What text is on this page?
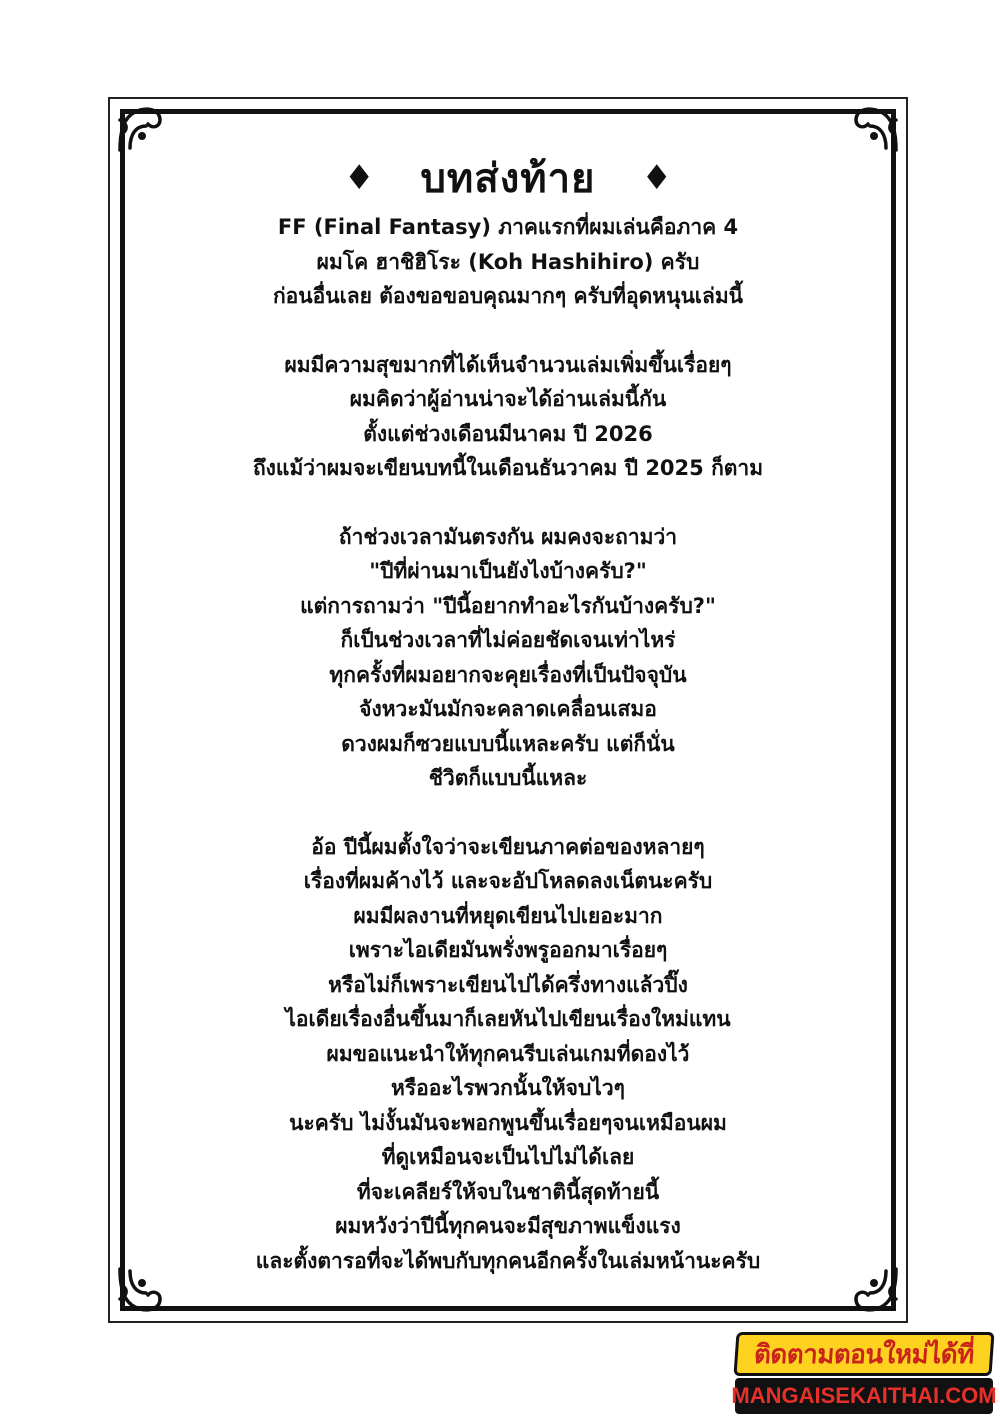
♦ บทส่งท้าย ♦
FF (Final Fantasy) ภาคแรกที่ผมเล่นคือภาค 4
ผมโค ฮาชิฮิโระ (Koh Hashihiro) ครับ
ก่อนอื่นเลย ต้องขอขอบคุณมากๆ ครับที่อุดหนุนเล่มนี้
ผมมีความสุขมากที่ได้เห็นจำนวนเล่มเพิ่มขึ้นเรื่อยๆ
ผมคิดว่าผู้อ่านน่าจะได้อ่านเล่มนี้กัน
ตั้งแต่ช่วงเดือนมีนาคม ปี 2026
ถึงแม้ว่าผมจะเขียนบทนี้ในเดือนธันวาคม ปี 2025 ก็ตาม
ถ้าช่วงเวลามันตรงกัน ผมคงจะถามว่า
"ปีที่ผ่านมาเป็นยังไงบ้างครับ?"
แต่การถามว่า "ปีนี้อยากทำอะไรกันบ้างครับ?"
ก็เป็นช่วงเวลาที่ไม่ค่อยชัดเจนเท่าไหร่
ทุกครั้งที่ผมอยากจะคุยเรื่องที่เป็นปัจจุบัน
จังหวะมันมักจะคลาดเคลื่อนเสมอ
ดวงผมก็ซวยแบบนี้แหละครับ แต่ก็นั่น
ชีวิตก็แบบนี้แหละ
อ้อ ปีนี้ผมตั้งใจว่าจะเขียนภาคต่อของหลายๆ
เรื่องที่ผมค้างไว้ และจะอัปโหลดลงเน็ตนะครับ
ผมมีผลงานที่หยุดเขียนไปเยอะมาก
เพราะไอเดียมันพรั่งพรูออกมาเรื่อยๆ
หรือไม่ก็เพราะเขียนไปได้ครึ่งทางแล้วปิ๊ง
ไอเดียเรื่องอื่นขึ้นมาก็เลยหันไปเขียนเรื่องใหม่แทน
ผมขอแนะนำให้ทุกคนรีบเล่นเกมที่ดองไว้
หรืออะไรพวกนั้นให้จบไวๆ
นะครับ ไม่งั้นมันจะพอกพูนขึ้นเรื่อยๆจนเหมือนผม
ที่ดูเหมือนจะเป็นไปไม่ได้เลย
ที่จะเคลียร์ให้จบในชาตินี้สุดท้ายนี้
ผมหวังว่าปีนี้ทุกคนจะมีสุขภาพแข็งแรง
และตั้งตารอที่จะได้พบกับทุกคนอีกครั้งในเล่มหน้านะครับ
ติดตามตอนใหม่ได้ที่
MANGAISEKAITHAI.COM
